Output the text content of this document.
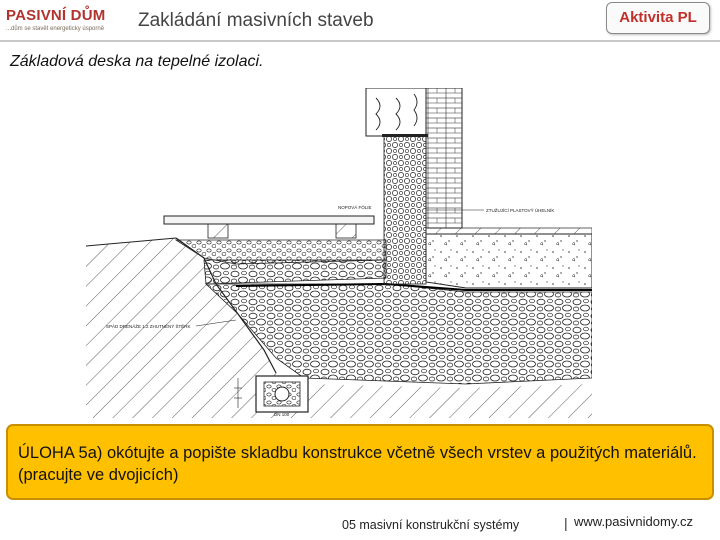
PASIVNÍ DŮM
...dům se stavět energeticky úsporně Zakládání masivních staveb	Aktivita PL
Základová deska na tepelné izolaci.
NOPOVÁ FÓLIE
ZTUŽUJÍCÍ PLASTOVÝ ÚHELNÍK
SPÁD DRENÁŽE 1:2 ZHUTNĚNÝ ŠTĚRK
DN 100
ÚLOHA 5a) okótujte a popište skladbu konstrukce včetně všech vrstev a použitých materiálů. (pracujte ve dvojicích)
05 masivní konstrukční systémy	| www.pasivnidomy.cz
